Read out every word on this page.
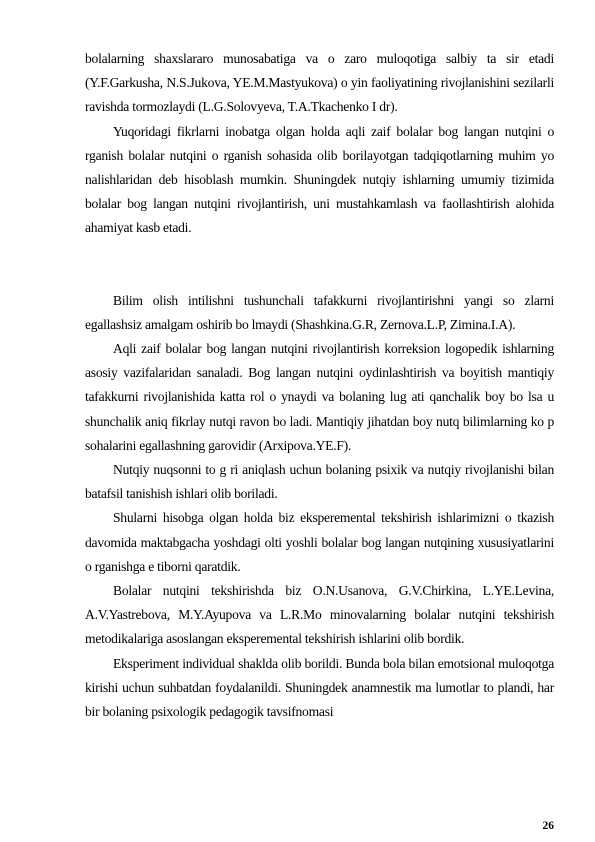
bolalarning shaxslararo munosabatiga va o zaro muloqotiga salbiy ta sir etadi (Y.F.Garkusha, N.S.Jukova, YE.M.Mastyukova) o yin faoliyatining rivojlanishini sezilarli ravishda tormozlaydi (L.G.Solovyeva, T.A.Tkachenko I dr).

Yuqoridagi fikrlarni inobatga olgan holda aqli zaif bolalar bog langan nutqini o rganish bolalar nutqini o rganish sohasida olib borilayotgan tadqiqotlarning muhim yo nalishlaridan deb hisoblash mumkin. Shuningdek nutqiy ishlarning umumiy tizimida bolalar bog langan nutqini rivojlantirish, uni mustahkamlash va faollashtirish alohida ahamiyat kasb etadi.

Bilim olish intilishni tushunchali tafakkurni rivojlantirishni yangi so zlarni egallashsiz amalgam oshirib bo lmaydi (Shashkina.G.R, Zernova.L.P, Zimina.I.A).

Aqli zaif bolalar bog langan nutqini rivojlantirish korreksion logopedik ishlarning asosiy vazifalaridan sanaladi. Bog langan nutqini oydinlashtirish va boyitish mantiqiy tafakkurni rivojlanishida katta rol o ynaydi va bolaning lug ati qanchalik boy bo lsa u shunchalik aniq fikrlay nutqi ravon bo ladi. Mantiqiy jihatdan boy nutq bilimlarning ko p sohalarini egallashning garovidir (Arxipova.YE.F).

Nutqiy nuqsonni to g ri aniqlash uchun bolaning psixik va nutqiy rivojlanishi bilan batafsil tanishish ishlari olib boriladi.

Shularni hisobga olgan holda biz eksperemental tekshirish ishlarimizni o tkazish davomida maktabgacha yoshdagi olti yoshli bolalar bog langan nutqining xususiyatlarini o rganishga e tiborni qaratdik.

Bolalar nutqini tekshirishda biz O.N.Usanova, G.V.Chirkina, L.YE.Levina, A.V.Yastrebova, M.Y.Ayupova va L.R.Mo minovalarning bolalar nutqini tekshirish metodikalariga asoslangan eksperemental tekshirish ishlarini olib bordik.

Eksperiment individual shaklda olib borildi. Bunda bola bilan emotsional muloqotga kirishi uchun suhbatdan foydalanildi. Shuningdek anamnestik ma lumotlar to plandi, har bir bolaning psixologik pedagogik tavsifnomasi

26
